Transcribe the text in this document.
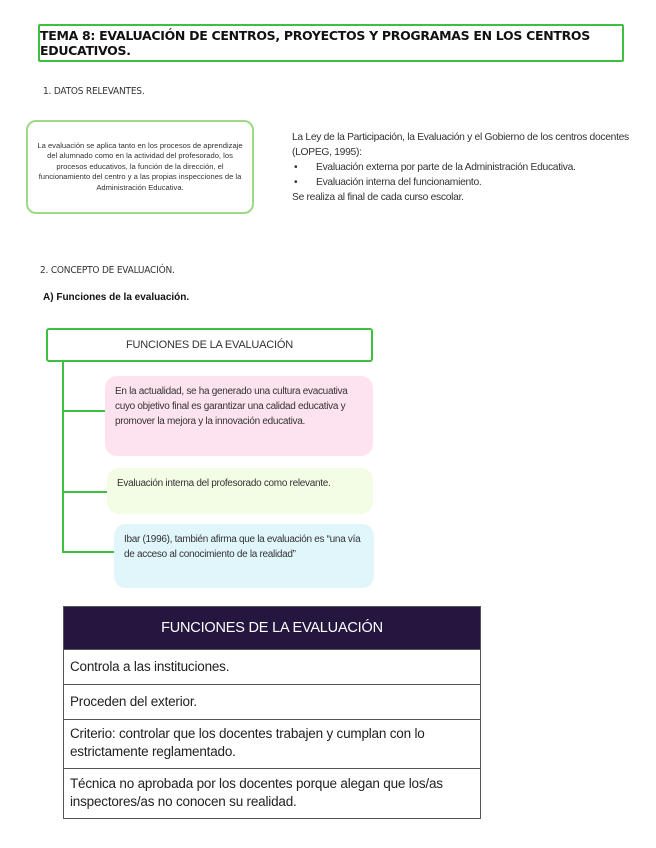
TEMA 8: EVALUACIÓN DE CENTROS, PROYECTOS Y PROGRAMAS EN LOS CENTROS EDUCATIVOS.
1. DATOS RELEVANTES.
La evaluación se aplica tanto en los procesos de aprendizaje del alumnado como en la actividad del profesorado, los procesos educativos, la función de la dirección, el funcionamiento del centro y a las propias inspecciones de la Administración Educativa.
La Ley de la Participación, la Evaluación y el Gobierno de los centros docentes (LOPEG, 1995):
• Evaluación externa por parte de la Administración Educativa.
• Evaluación interna del funcionamiento.
Se realiza al final de cada curso escolar.
2. CONCEPTO DE EVALUACIÓN.
A) Funciones de la evaluación.
FUNCIONES DE LA EVALUACIÓN
En la actualidad, se ha generado una cultura evacuativa cuyo objetivo final es garantizar una calidad educativa y promover la mejora y la innovación educativa.
Evaluación interna del profesorado como relevante.
Ibar (1996), también afirma que la evaluación es “una vía de acceso al conocimiento de la realidad”
FUNCIONES DE LA EVALUACIÓN
Controla a las instituciones.
Proceden del exterior.
Criterio: controlar que los docentes trabajen y cumplan con lo estrictamente reglamentado.
Técnica no aprobada por los docentes porque alegan que los/as inspectores/as no conocen su realidad.
